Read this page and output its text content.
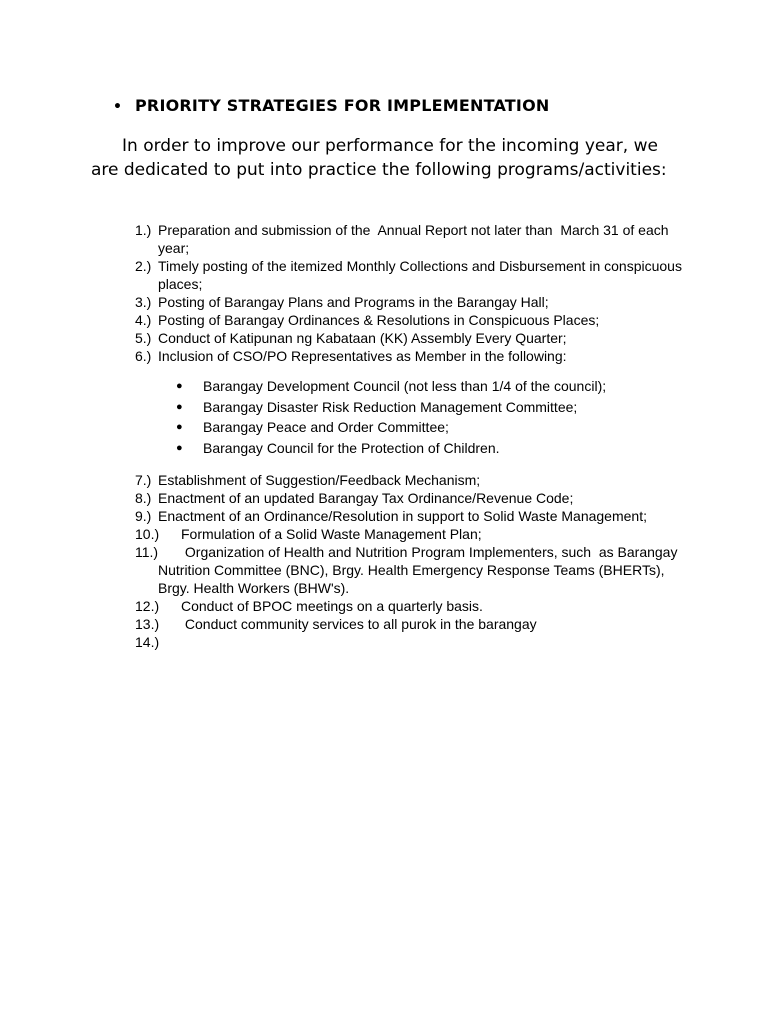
• PRIORITY STRATEGIES FOR IMPLEMENTATION

In order to improve our performance for the incoming year, we are dedicated to put into practice the following programs/activities:

1.) Preparation and submission of the  Annual Report not later than  March 31 of each year;
2.) Timely posting of the itemized Monthly Collections and Disbursement in conspicuous places;
3.) Posting of Barangay Plans and Programs in the Barangay Hall;
4.) Posting of Barangay Ordinances & Resolutions in Conspicuous Places;
5.) Conduct of Katipunan ng Kabataan (KK) Assembly Every Quarter;
6.) Inclusion of CSO/PO Representatives as Member in the following:
●	Barangay Development Council (not less than 1/4 of the council);
●	Barangay Disaster Risk Reduction Management Committee;
●	Barangay Peace and Order Committee;
●	Barangay Council for the Protection of Children.
7.) Establishment of Suggestion/Feedback Mechanism;
8.) Enactment of an updated Barangay Tax Ordinance/Revenue Code;
9.) Enactment of an Ordinance/Resolution in support to Solid Waste Management;
10.)	Formulation of a Solid Waste Management Plan;
11.) Organization of Health and Nutrition Program Implementers, such  as Barangay Nutrition Committee (BNC), Brgy. Health Emergency Response Teams (BHERTs), Brgy. Health Workers (BHW's).
12.)	Conduct of BPOC meetings on a quarterly basis.
13.)	Conduct community services to all purok in the barangay
14.)
